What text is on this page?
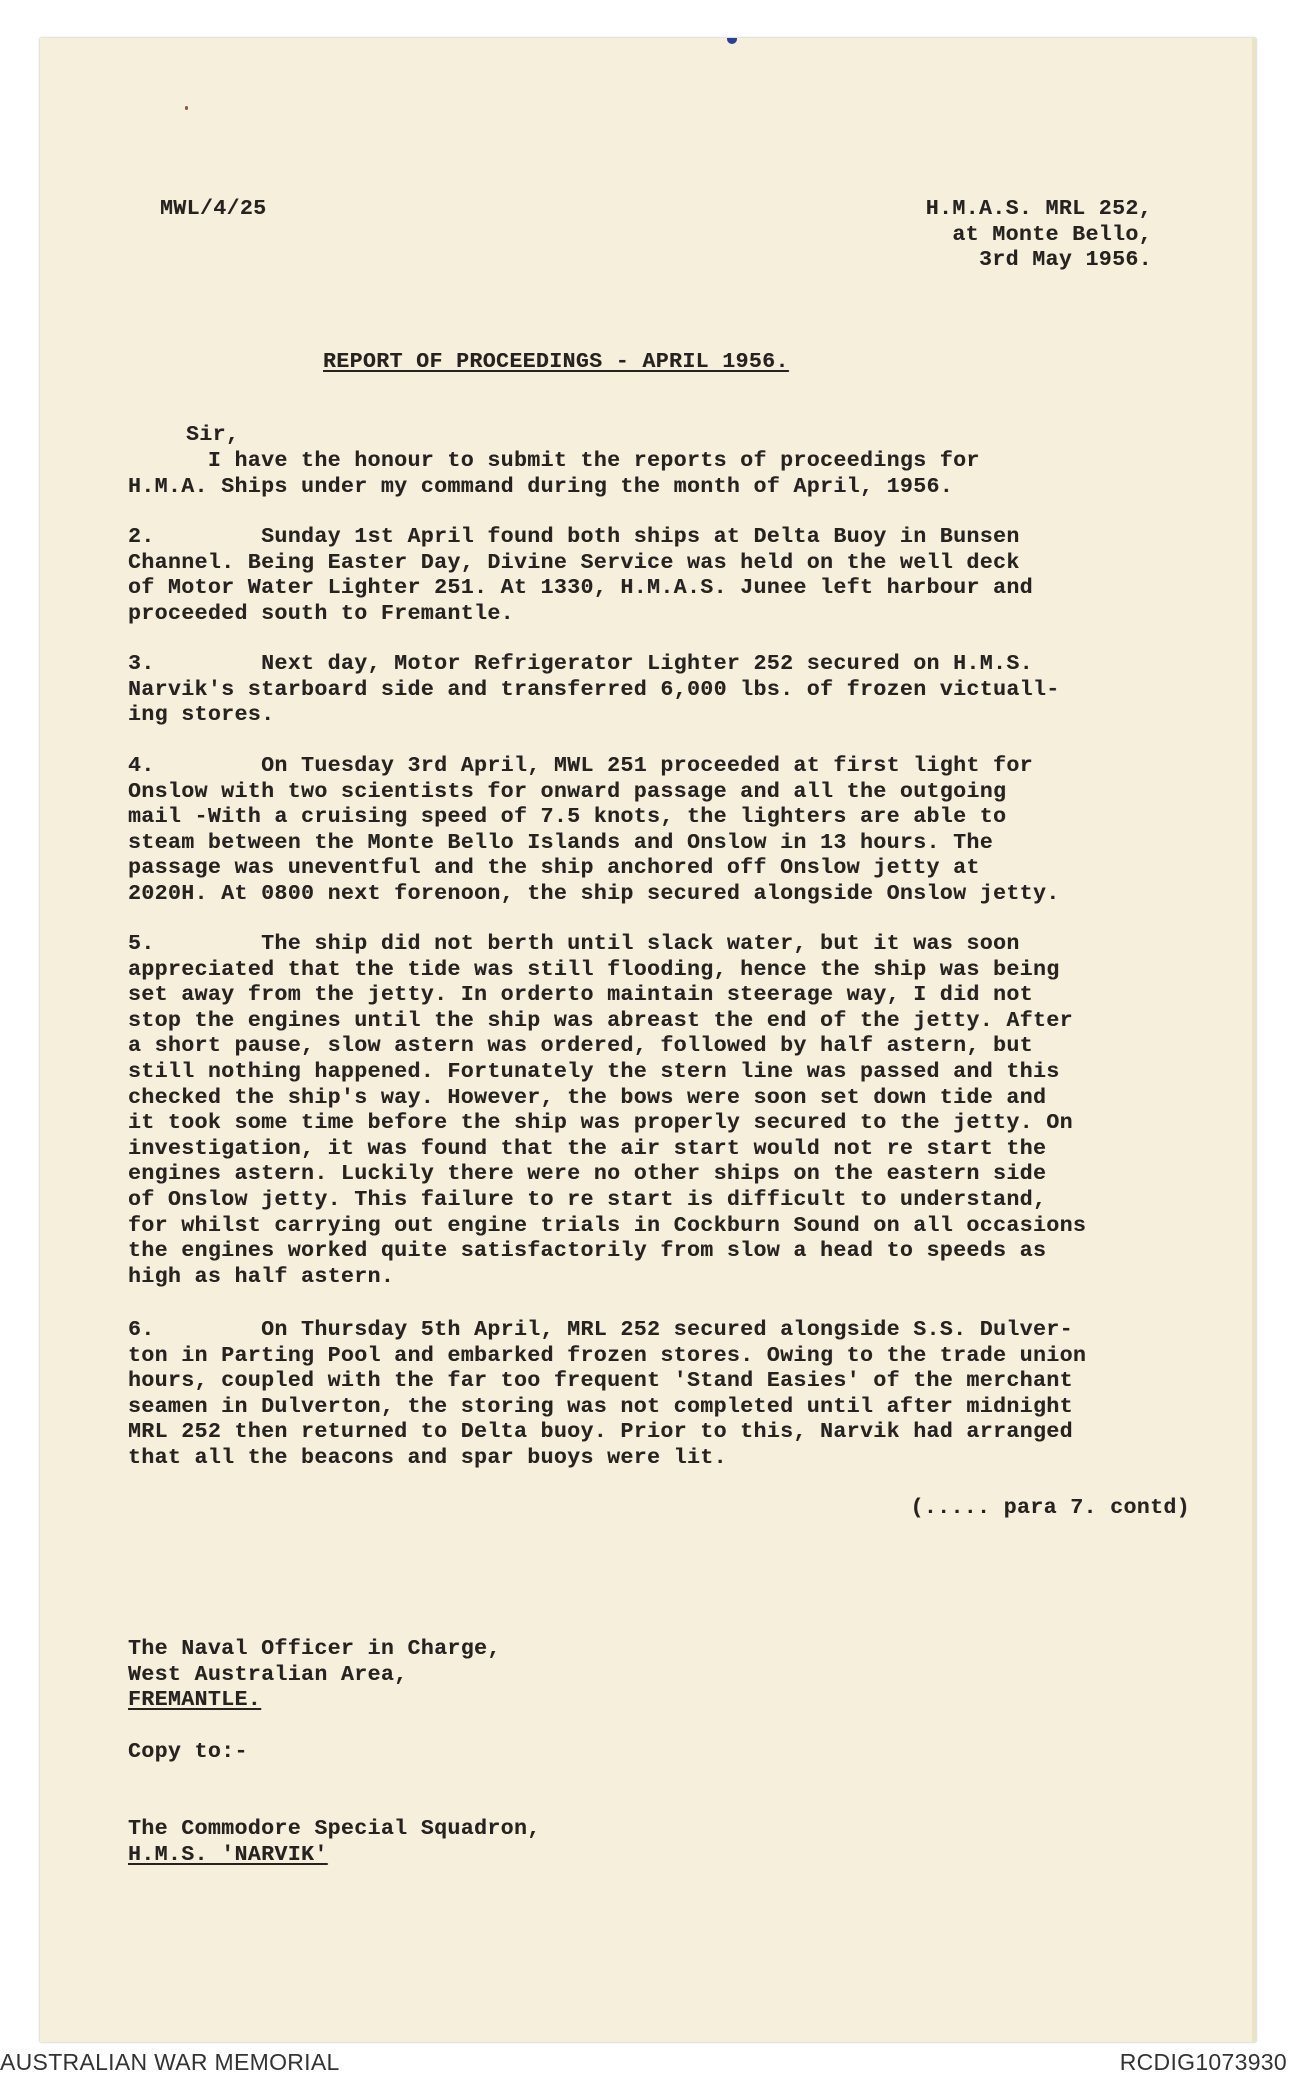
MWL/4/25	H.M.A.S. MRL 252,
at Monte Bello,
3rd May 1956.
REPORT OF PROCEEDINGS - APRIL 1956.
Sir,
I have the honour to submit the reports of proceedings for
H.M.A. Ships under my command during the month of April, 1956.
2.        Sunday 1st April found both ships at Delta Buoy in Bunsen
Channel. Being Easter Day, Divine Service was held on the well deck
of Motor Water Lighter 251. At 1330, H.M.A.S. Junee left harbour and
proceeded south to Fremantle.
3.        Next day, Motor Refrigerator Lighter 252 secured on H.M.S.
Narvik's starboard side and transferred 6,000 lbs. of frozen victuall-
ing stores.
4.        On Tuesday 3rd April, MWL 251 proceeded at first light for
Onslow with two scientists for onward passage and all the outgoing
mail -With a cruising speed of 7.5 knots, the lighters are able to
steam between the Monte Bello Islands and Onslow in 13 hours. The
passage was uneventful and the ship anchored off Onslow jetty at
2020H. At 0800 next forenoon, the ship secured alongside Onslow jetty.
5.        The ship did not berth until slack water, but it was soon
appreciated that the tide was still flooding, hence the ship was being
set away from the jetty. In orderto maintain steerage way, I did not
stop the engines until the ship was abreast the end of the jetty. After
a short pause, slow astern was ordered, followed by half astern, but
still nothing happened. Fortunately the stern line was passed and this
checked the ship's way. However, the bows were soon set down tide and
it took some time before the ship was properly secured to the jetty. On
investigation, it was found that the air start would not re start the
engines astern. Luckily there were no other ships on the eastern side
of Onslow jetty. This failure to re start is difficult to understand,
for whilst carrying out engine trials in Cockburn Sound on all occasions
the engines worked quite satisfactorily from slow a head to speeds as
high as half astern.
6.        On Thursday 5th April, MRL 252 secured alongside S.S. Dulver-
ton in Parting Pool and embarked frozen stores. Owing to the trade union
hours, coupled with the far too frequent 'Stand Easies' of the merchant
seamen in Dulverton, the storing was not completed until after midnight
MRL 252 then returned to Delta buoy. Prior to this, Narvik had arranged
that all the beacons and spar buoys were lit.
(..... para 7. contd)
The Naval Officer in Charge,
West Australian Area,
FREMANTLE.
Copy to:-
The Commodore Special Squadron,
H.M.S. 'NARVIK'
AUSTRALIAN WAR MEMORIAL	RCDIG1073930
